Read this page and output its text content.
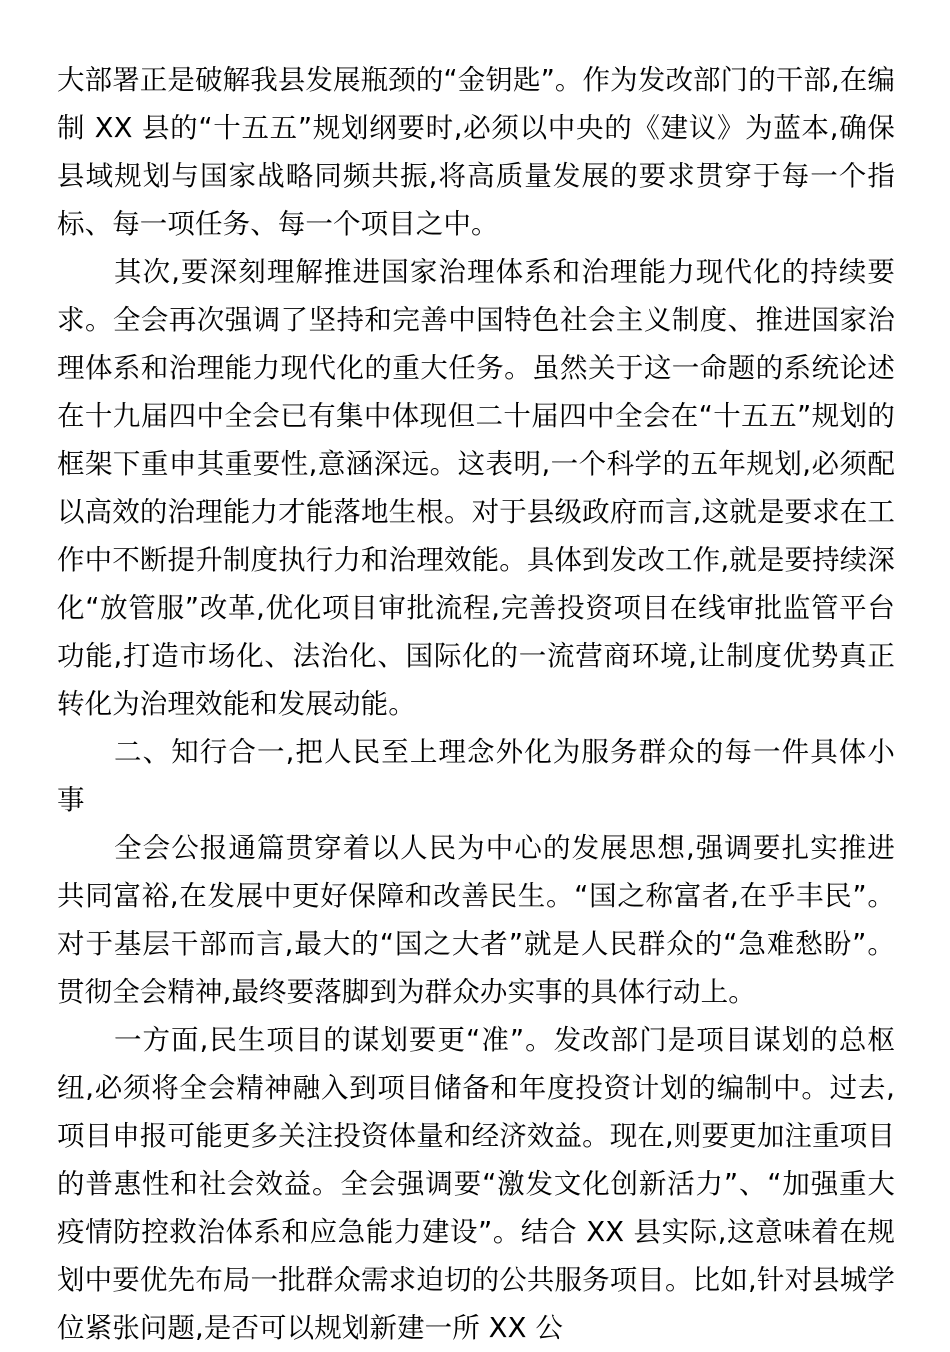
大部署正是破解我县发展瓶颈的“金钥匙”。作为发改部门的干部,在编制 XX 县的“十五五”规划纲要时,必须以中央的《建议》为蓝本,确保县域规划与国家战略同频共振,将高质量发展的要求贯穿于每一个指标、每一项任务、每一个项目之中。

其次,要深刻理解推进国家治理体系和治理能力现代化的持续要求。全会再次强调了坚持和完善中国特色社会主义制度、推进国家治理体系和治理能力现代化的重大任务。虽然关于这一命题的系统论述在十九届四中全会已有集中体现但二十届四中全会在“十五五”规划的框架下重申其重要性,意涵深远。这表明,一个科学的五年规划,必须配以高效的治理能力才能落地生根。对于县级政府而言,这就是要求在工作中不断提升制度执行力和治理效能。具体到发改工作,就是要持续深化“放管服”改革,优化项目审批流程,完善投资项目在线审批监管平台功能,打造市场化、法治化、国际化的一流营商环境,让制度优势真正转化为治理效能和发展动能。

二、知行合一,把人民至上理念外化为服务群众的每一件具体小事

全会公报通篇贯穿着以人民为中心的发展思想,强调要扎实推进共同富裕,在发展中更好保障和改善民生。“国之称富者,在乎丰民”。对于基层干部而言,最大的“国之大者”就是人民群众的“急难愁盼”。贯彻全会精神,最终要落脚到为群众办实事的具体行动上。

一方面,民生项目的谋划要更“准”。发改部门是项目谋划的总枢纽,必须将全会精神融入到项目储备和年度投资计划的编制中。过去,项目申报可能更多关注投资体量和经济效益。现在,则要更加注重项目的普惠性和社会效益。全会强调要“激发文化创新活力”、“加强重大疫情防控救治体系和应急能力建设”。结合 XX 县实际,这意味着在规划中要优先布局一批群众需求迫切的公共服务项目。比如,针对县城学位紧张问题,是否可以规划新建一所 XX 公
